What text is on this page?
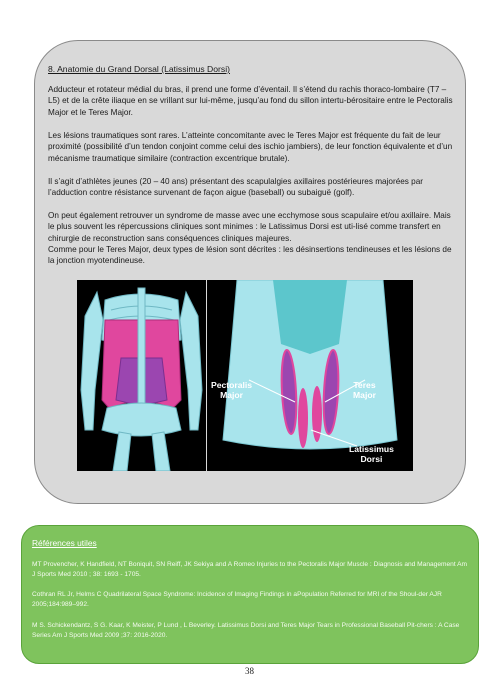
8. Anatomie du Grand Dorsal (Latissimus Dorsi)

Adducteur et rotateur médial du bras, il prend une forme d’éventail. Il s’étend du rachis thoraco-lombaire (T7 – L5) et de la crête iliaque en se vrillant sur lui-même, jusqu’au fond du sillon intertu-bérositaire entre le Pectoralis Major et le Teres Major.

Les lésions traumatiques sont rares. L’atteinte concomitante avec le Teres Major est fréquente du fait de leur proximité (possibilité d’un tendon conjoint comme celui des ischio jambiers), de leur fonction équivalente et d’un mécanisme traumatique similaire (contraction excentrique brutale).

Il s’agit d’athlètes jeunes (20 – 40 ans) présentant des scapulalgies axillaires postérieures majorées par l’adduction contre résistance survenant de façon aigue (baseball) ou subaiguë (golf).

On peut également retrouver un syndrome de masse avec une ecchymose sous scapulaire et/ou axillaire. Mais le plus souvent les répercussions cliniques sont minimes : le Latissimus Dorsi est uti-lisé comme transfert en chirurgie de reconstruction sans conséquences cliniques majeures.

Comme pour le Teres Major, deux types de lésion sont décrites : les désinsertions tendineuses et les lésions de la jonction myotendineuse.

Pectoralis
Major
Teres
Major
Latissimus
Dorsi
Références utiles

MT Provencher, K Handfield, NT Boniquit, SN Reiff, JK Sekiya and A Romeo Injuries to the Pectoralis Major Muscle : Diagnosis and Management Am J Sports Med 2010 ; 38: 1693 - 1705.

Cothran RL Jr, Helms C Quadrilateral Space Syndrome: Incidence of Imaging Findings in aPopulation Referred for MRI of the Shoul-der AJR 2005;184:989–992.

M S. Schickendantz, S G. Kaar, K Meister, P Lund , L Beverley. Latissimus Dorsi and Teres Major Tears in Professional Baseball Pit-chers : A Case Series Am J Sports Med 2009 ;37: 2016-2020.

38
